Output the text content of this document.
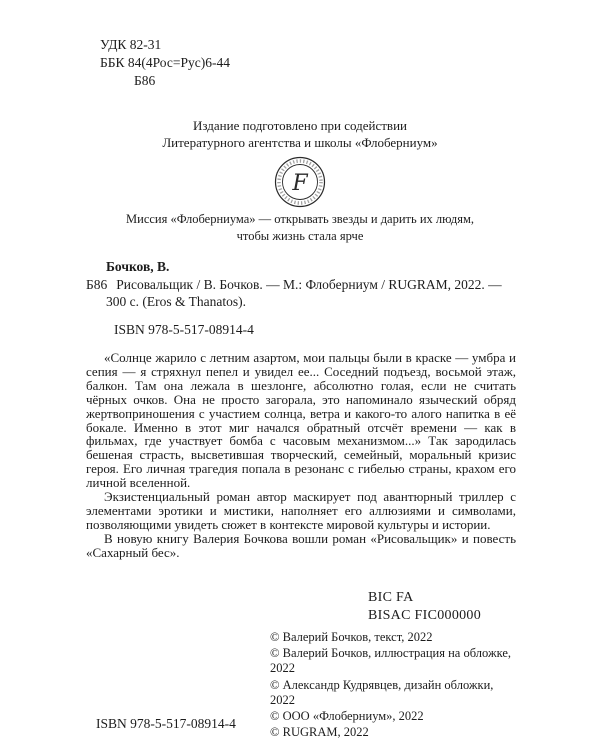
УДК 82-31
ББК 84(4Рос=Рус)6-44
Б86
Издание подготовлено при содействии
Литературного агентства и школы «Флоберниум»
F
Миссия «Флоберниума» — открывать звезды и дарить их людям,
чтобы жизнь стала ярче

Бочков, В.

Б86 Рисовальщик / В. Бочков. — М.: Флоберниум / RUGRAM, 2022. — 300 с. (Eros & Thanatos).

ISBN 978-5-517-08914-4

«Солнце жарило с летним азартом, мои пальцы были в краске — умбра и сепия — я стряхнул пепел и увидел ее... Соседний подъезд, восьмой этаж, балкон. Там она лежала в шезлонге, абсолютно голая, если не считать чёрных очков. Она не просто загорала, это напоминало языческий обряд жертвоприношения с участием солнца, ветра и какого-то алого напитка в её бокале. Именно в этот миг начался обратный отсчёт времени — как в фильмах, где участвует бомба с часовым механизмом...» Так зародилась бешеная страсть, высветившая творческий, семейный, моральный кризис героя. Его личная трагедия попала в резонанс с гибелью страны, крахом его личной вселенной.

Экзистенциальный роман автор маскирует под авантюрный триллер с элементами эротики и мистики, наполняет его аллюзиями и символами, позволяющими увидеть сюжет в контексте мировой культуры и истории.

В новую книгу Валерия Бочкова вошли роман «Рисовальщик» и повесть «Сахарный бес».

BIC FA
BISAC FIC000000

© Валерий Бочков, текст, 2022

© Валерий Бочков, иллюстрация на обложке, 2022

© Александр Кудрявцев, дизайн обложки, 2022

© ООО «Флоберниум», 2022

© RUGRAM, 2022

ISBN 978-5-517-08914-4
